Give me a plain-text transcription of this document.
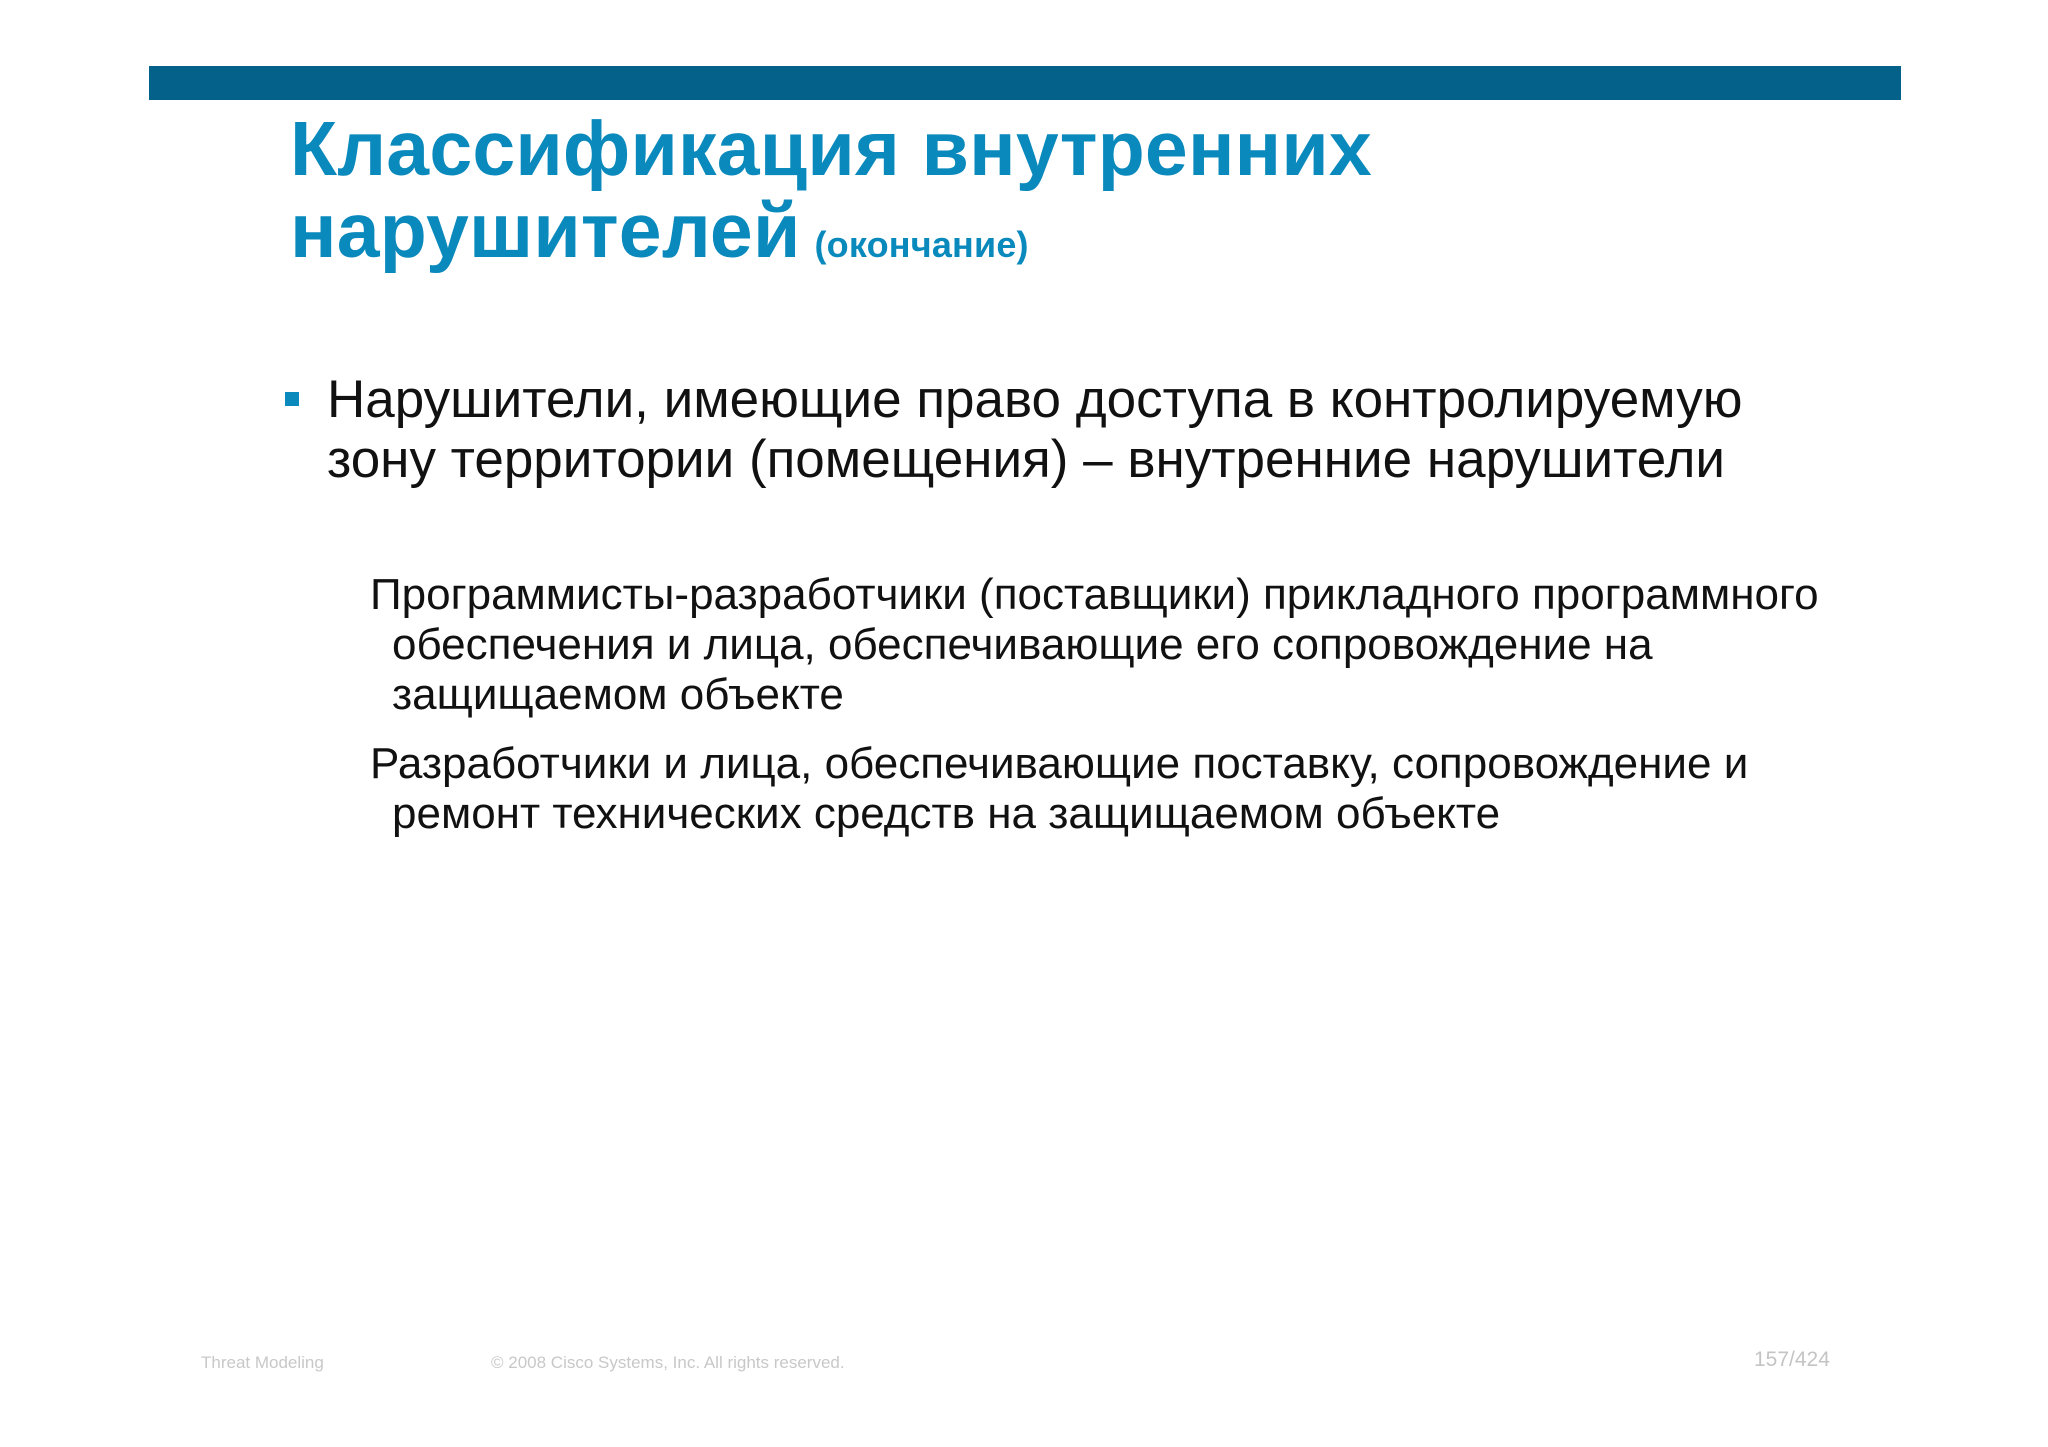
Классификация внутренних
нарушителей (окончание)

Нарушители, имеющие право доступа в контролируемую зону территории (помещения) – внутренние нарушители

Программисты-разработчики (поставщики) прикладного программного обеспечения и лица, обеспечивающие его сопровождение на защищаемом объекте

Разработчики и лица, обеспечивающие поставку, сопровождение и ремонт технических средств на защищаемом объекте

Threat Modeling	© 2008 Cisco Systems, Inc. All rights reserved.	157/424
